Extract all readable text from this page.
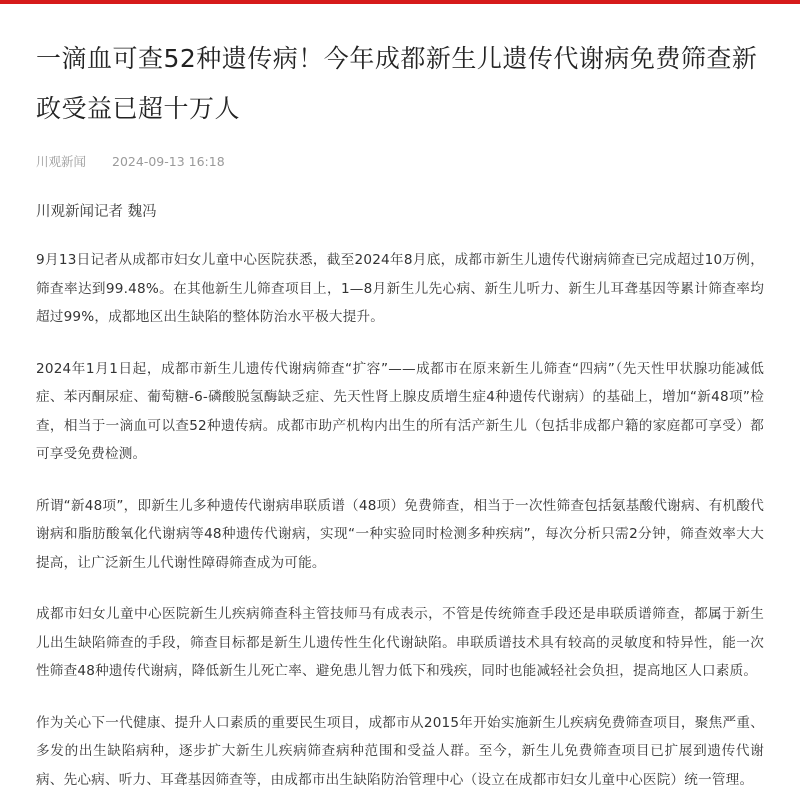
一滴血可查52种遗传病！今年成都新生儿遗传代谢病免费筛查新政受益已超十万人
川观新闻 2024-09-13 16:18
川观新闻记者 魏冯

9月13日记者从成都市妇女儿童中心医院获悉，截至2024年8月底，成都市新生儿遗传代谢病筛查已完成超过10万例，筛查率达到99.48%。在其他新生儿筛查项目上，1—8月新生儿先心病、新生儿听力、新生儿耳聋基因等累计筛查率均超过99%，成都地区出生缺陷的整体防治水平极大提升。

2024年1月1日起，成都市新生儿遗传代谢病筛查“扩容”——成都市在原来新生儿筛查“四病”（先天性甲状腺功能减低症、苯丙酮尿症、葡萄糖-6-磷酸脱氢酶缺乏症、先天性肾上腺皮质增生症4种遗传代谢病）的基础上，增加“新48项”检查，相当于一滴血可以查52种遗传病。成都市助产机构内出生的所有活产新生儿（包括非成都户籍的家庭都可享受）都可享受免费检测。

所谓“新48项”，即新生儿多种遗传代谢病串联质谱（48项）免费筛查，相当于一次性筛查包括氨基酸代谢病、有机酸代谢病和脂肪酸氧化代谢病等48种遗传代谢病，实现“一种实验同时检测多种疾病”，每次分析只需2分钟，筛查效率大大提高，让广泛新生儿代谢性障碍筛查成为可能。

成都市妇女儿童中心医院新生儿疾病筛查科主管技师马有成表示，不管是传统筛查手段还是串联质谱筛查，都属于新生儿出生缺陷筛查的手段，筛查目标都是新生儿遗传性生化代谢缺陷。串联质谱技术具有较高的灵敏度和特异性，能一次性筛查48种遗传代谢病，降低新生儿死亡率、避免患儿智力低下和残疾，同时也能减轻社会负担，提高地区人口素质。

作为关心下一代健康、提升人口素质的重要民生项目，成都市从2015年开始实施新生儿疾病免费筛查项目，聚焦严重、多发的出生缺陷病种，逐步扩大新生儿疾病筛查病种范围和受益人群。至今，新生儿免费筛查项目已扩展到遗传代谢病、先心病、听力、耳聋基因筛查等，由成都市出生缺陷防治管理中心（设立在成都市妇女儿童中心医院）统一管理。
